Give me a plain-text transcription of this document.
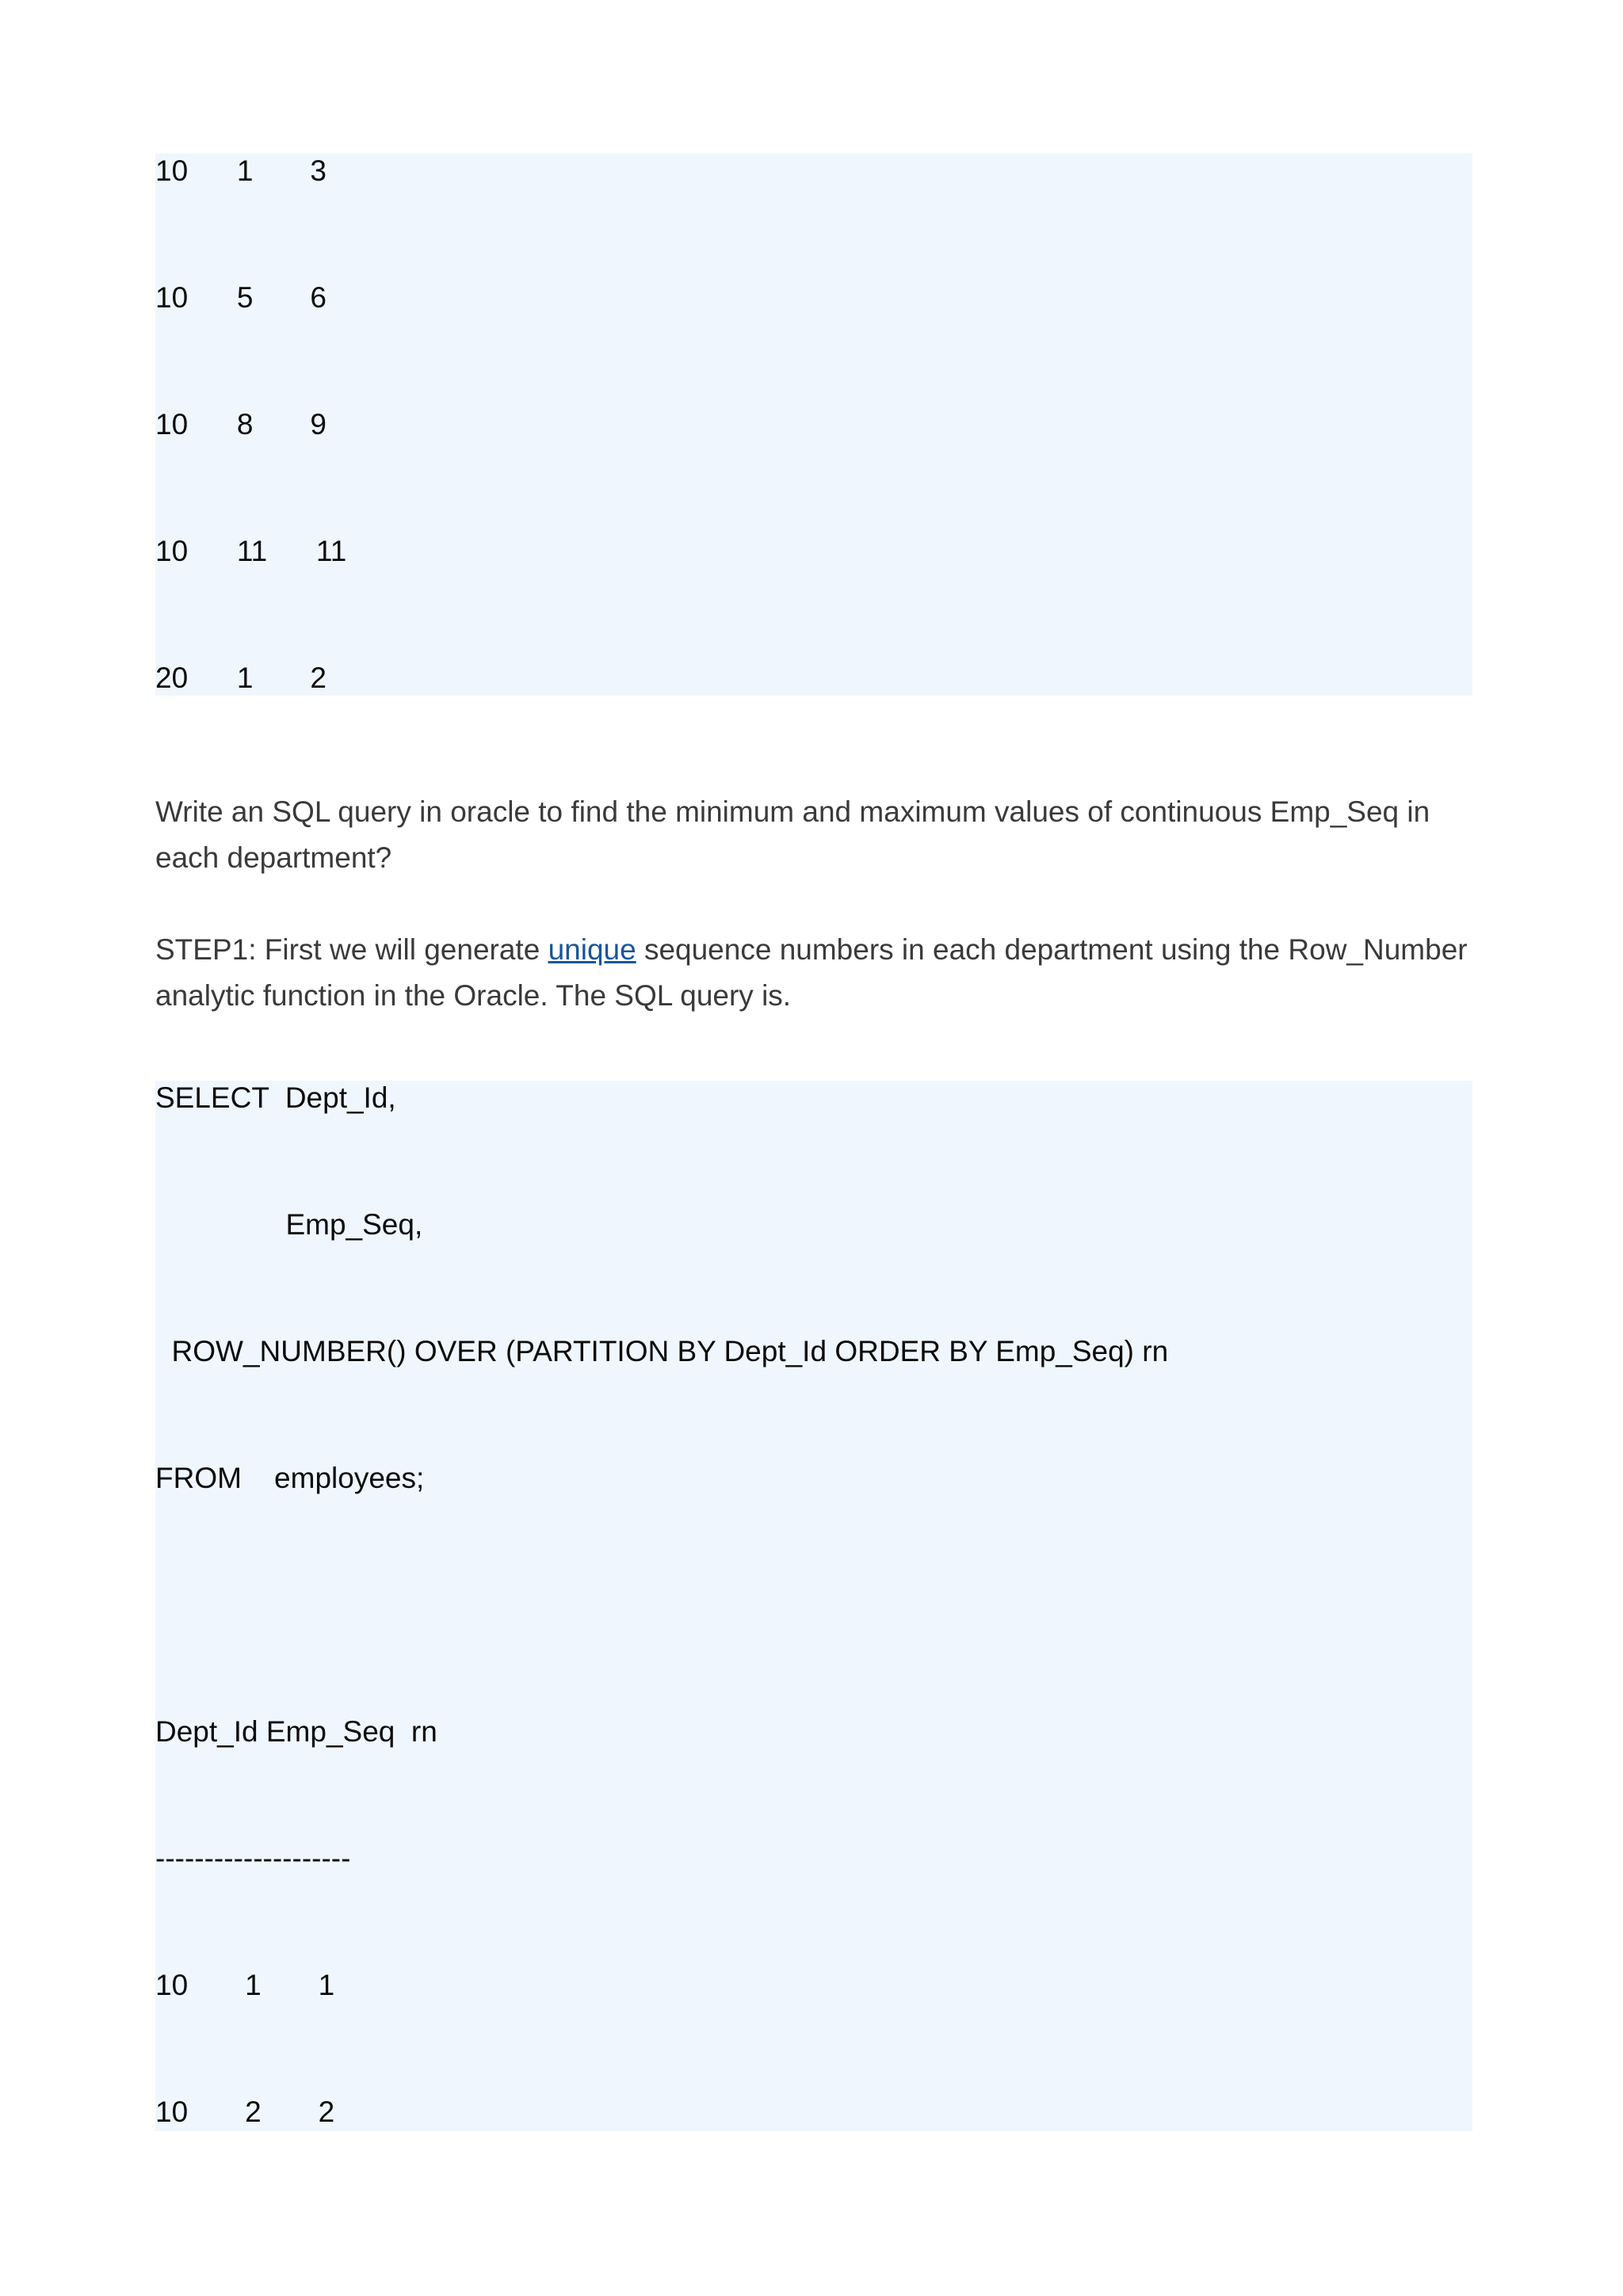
10      1       3
10      5       6
10      8       9
10      11      11
20      1       2

Write an SQL query in oracle to find the minimum and maximum values of continuous Emp_Seq in each department?

STEP1: First we will generate unique sequence numbers in each department using the Row_Number analytic function in the Oracle. The SQL query is.

SELECT  Dept_Id,
Emp_Seq,
ROW_NUMBER() OVER (PARTITION BY Dept_Id ORDER BY Emp_Seq) rn
FROM    employees;
Dept_Id Emp_Seq  rn
--------------------
10       1       1
10       2       2
